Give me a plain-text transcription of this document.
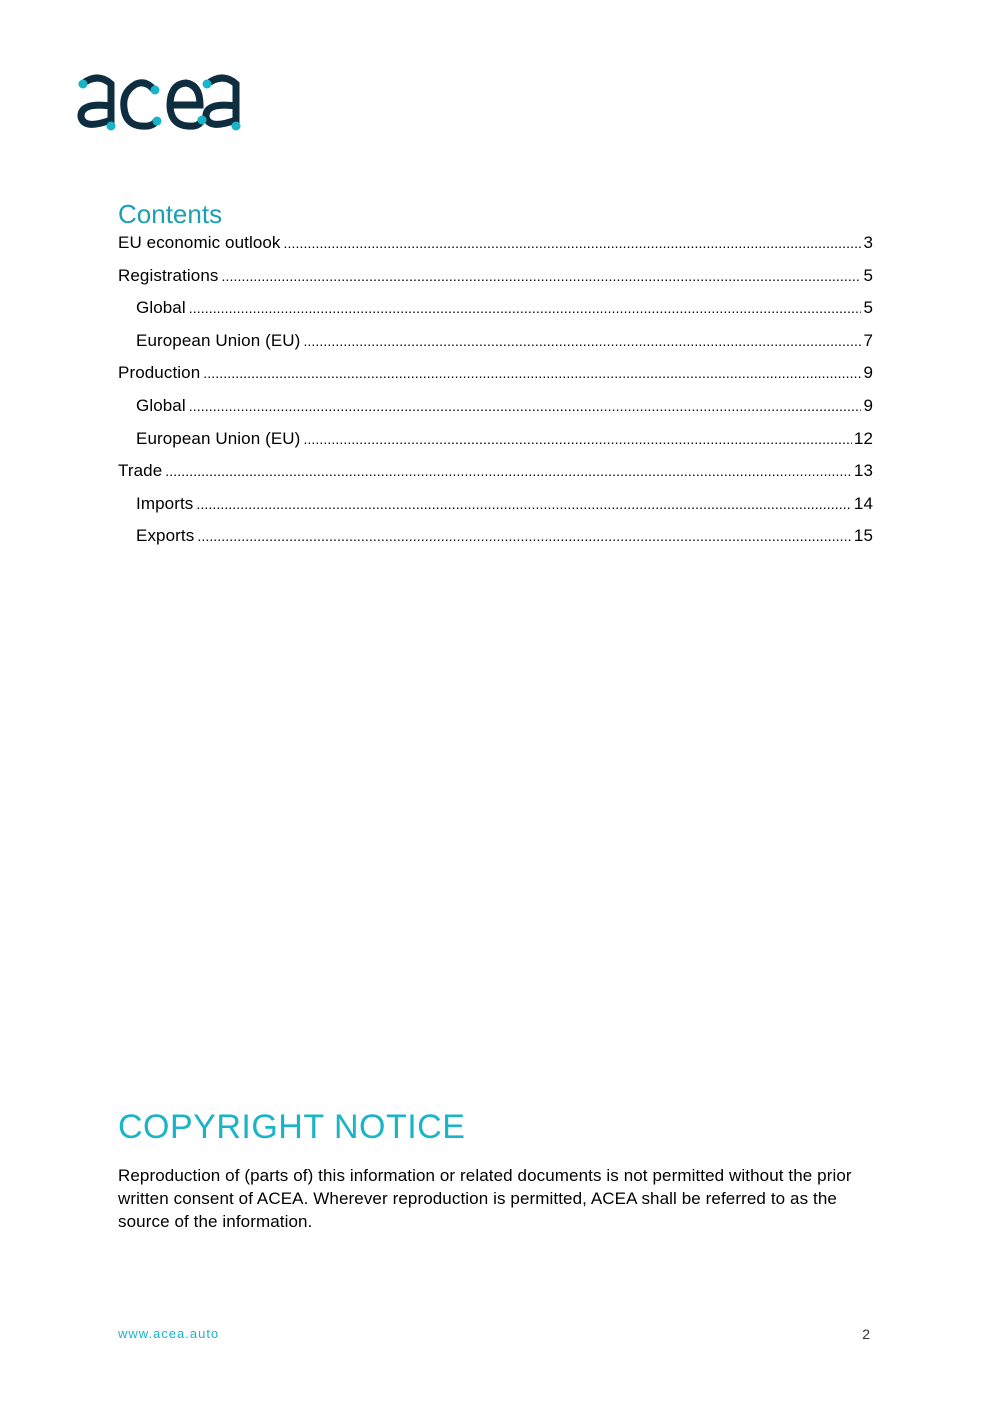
Contents
EU economic outlook .....	3
Registrations .....	5
Global .....	5
European Union (EU) .....	7
Production .....	9
Global .....	9
European Union (EU) .....	12
Trade .....	13
Imports .....	14
Exports .....	15
COPYRIGHT NOTICE

Reproduction of (parts of) this information or related documents is not permitted without the prior written consent of ACEA. Wherever reproduction is permitted, ACEA shall be referred to as the source of the information.

www.acea.auto	2
